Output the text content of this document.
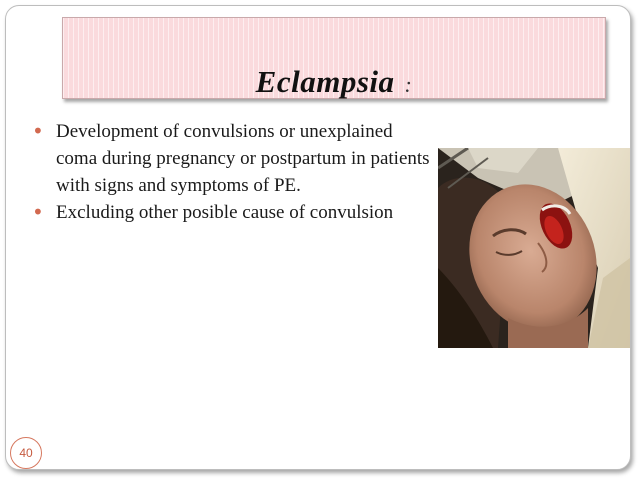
Eclampsia :
• Development of convulsions or unexplained coma during pregnancy or postpartum in patients with signs and symptoms of PE.
• Excluding other posible cause of convulsion
40
